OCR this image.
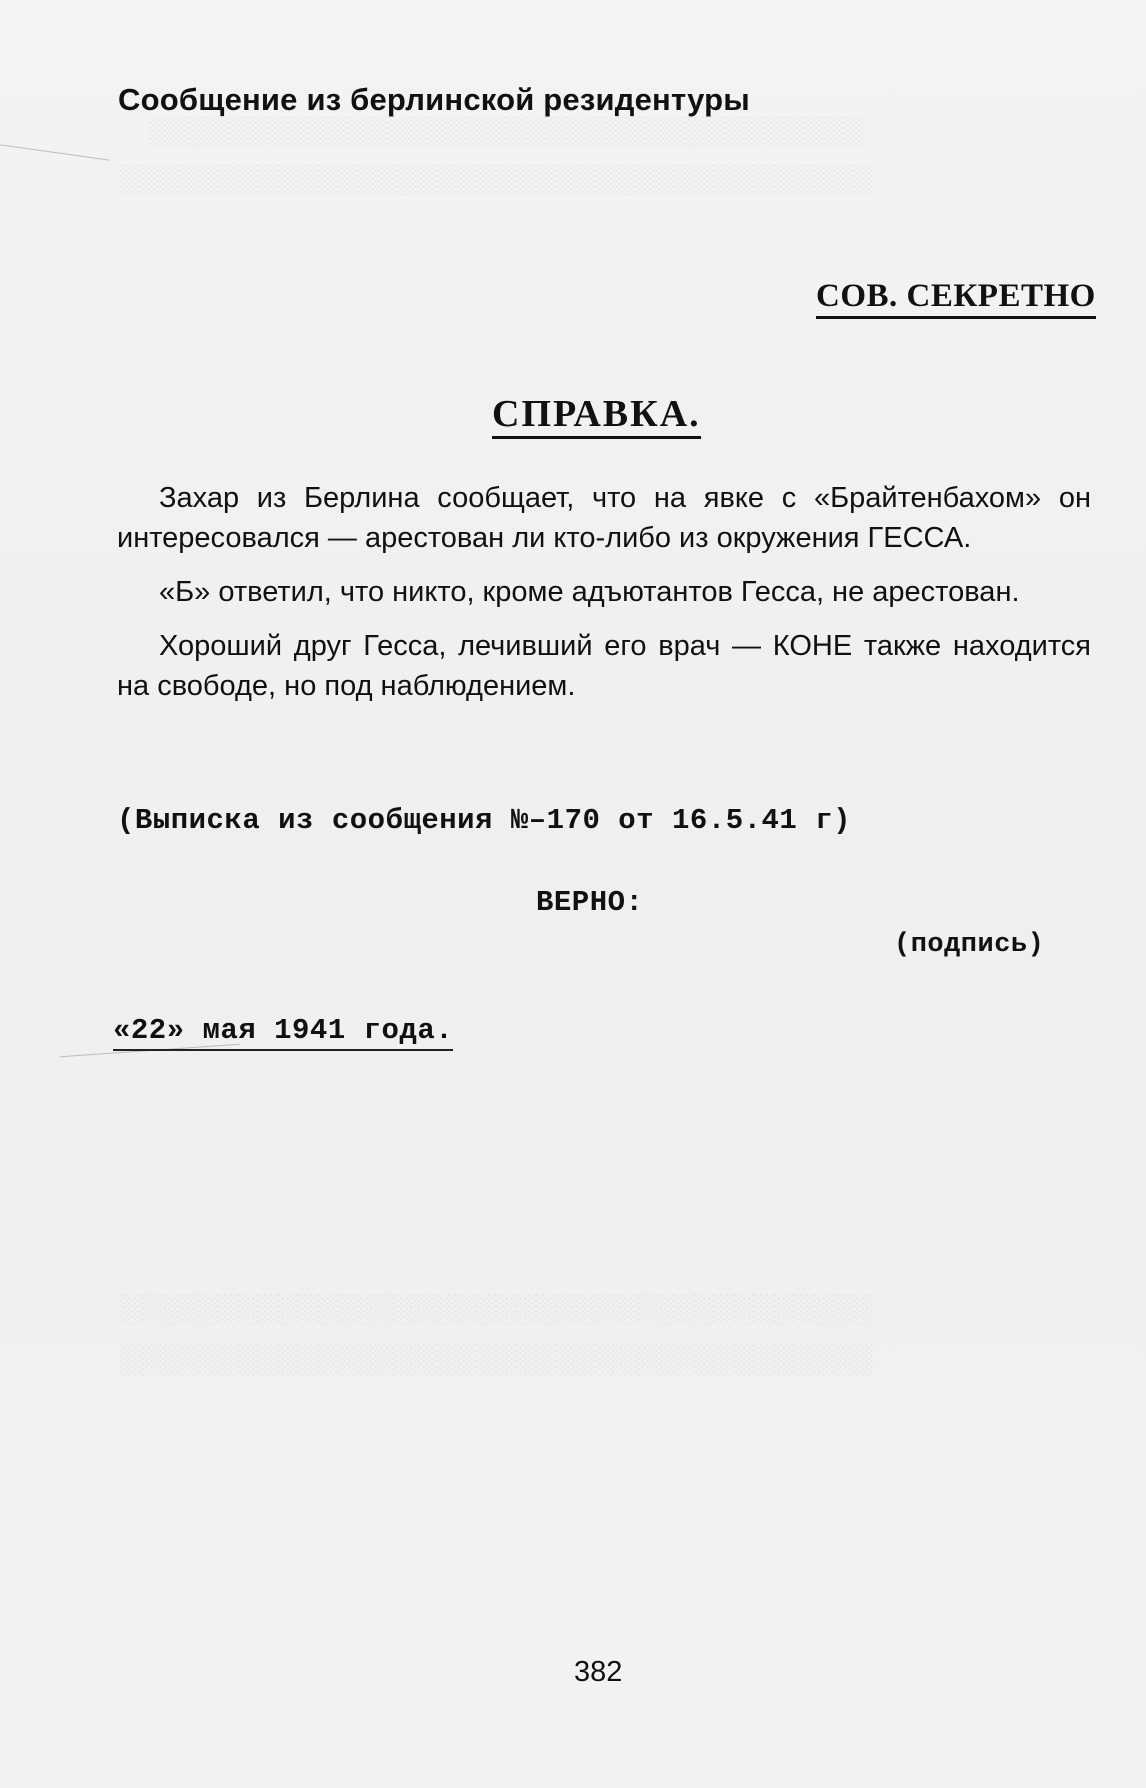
░░░░░░░░░░░░░░░░░░░░░░░░░░░░░░░░░░░░
░░░░░░░░░░░░░░░░░░░░░░░░░░░░░░░░░░░░░░
░░░░░░░░░░░░░░░░░░░░░░░░░░░░░░░░░░░░░░
░░░░░░░░░░░░░░░░░░░░░░░░░░░░░░░░░░░░░░
Сообщение из берлинской резидентуры
СОВ. СЕКРЕТНО
СПРАВКА.

Захар из Берлина сообщает, что на явке с «Брайтенбахом» он интересовался — арестован ли кто-либо из окружения ГЕССА.

«Б» ответил, что никто, кроме адъютантов Гесса, не арестован.

Хороший друг Гесса, лечивший его врач — КОНЕ также находится на свободе, но под наблюдением.

(Выписка из сообщения №–170 от 16.5.41 г)
ВЕРНО:
(подпись)
«22» мая 1941 года.
382
